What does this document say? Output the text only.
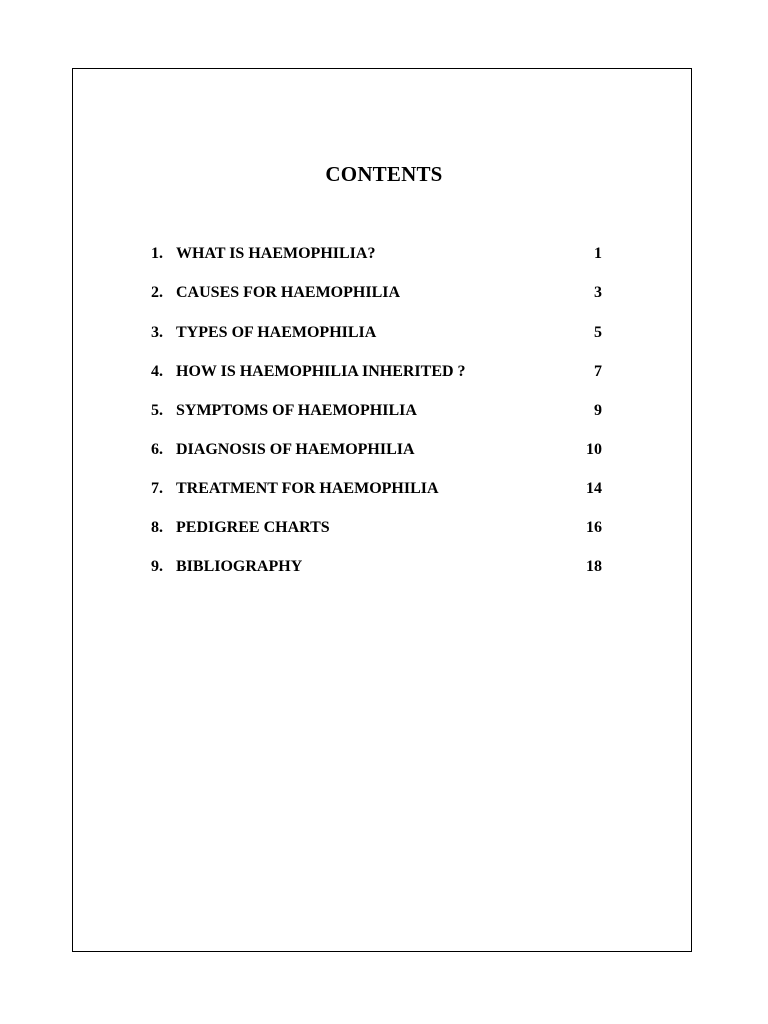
CONTENTS
1. WHAT IS HAEMOPHILIA?	1
2. CAUSES FOR HAEMOPHILIA	3
3. TYPES OF HAEMOPHILIA	5
4. HOW IS HAEMOPHILIA INHERITED ?	7
5. SYMPTOMS OF HAEMOPHILIA	9
6. DIAGNOSIS OF HAEMOPHILIA	10
7. TREATMENT FOR HAEMOPHILIA	14
8. PEDIGREE CHARTS	16
9. BIBLIOGRAPHY	18
